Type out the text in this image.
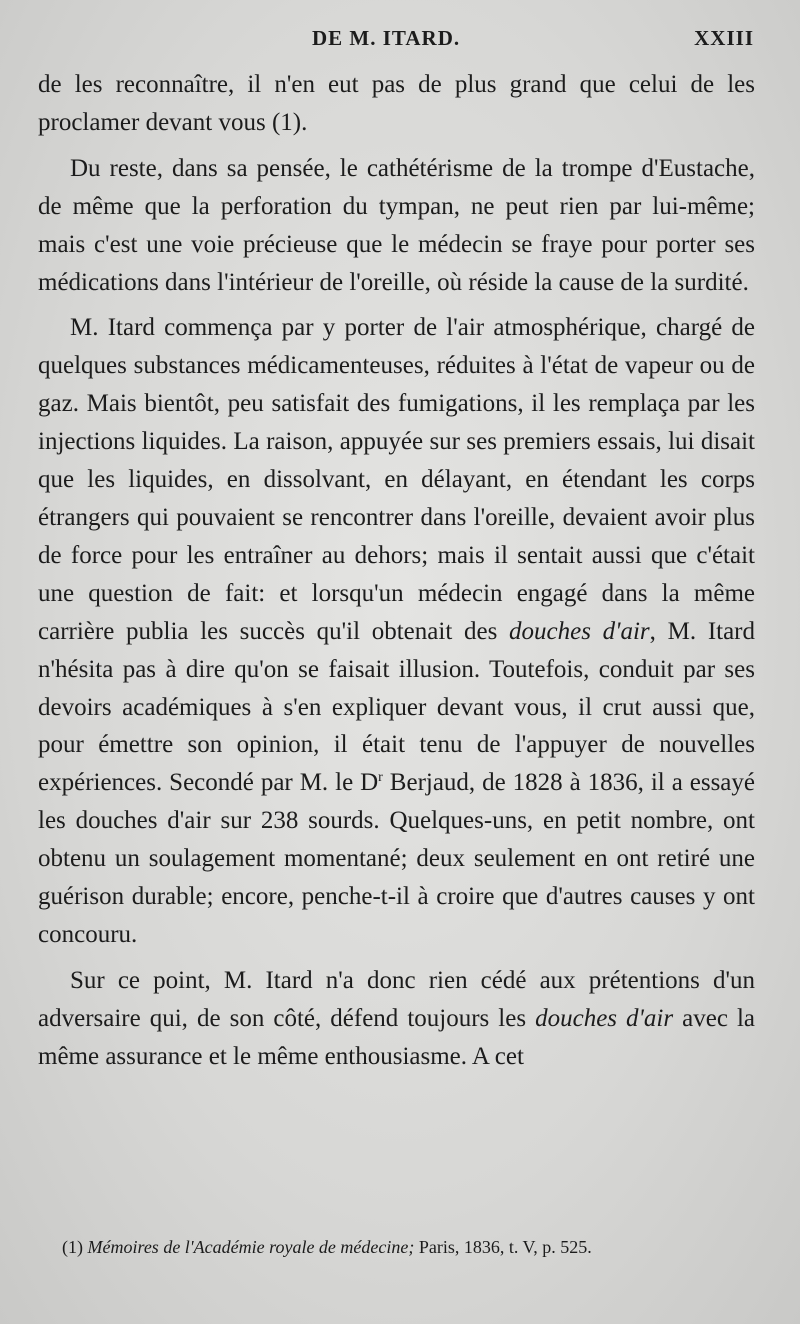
DE M. ITARD.	XXIII

de les reconnaître, il n'en eut pas de plus grand que celui de les proclamer devant vous (1).

Du reste, dans sa pensée, le cathétérisme de la trompe d'Eustache, de même que la perforation du tympan, ne peut rien par lui-même; mais c'est une voie précieuse que le médecin se fraye pour porter ses médications dans l'intérieur de l'oreille, où réside la cause de la surdité.

M. Itard commença par y porter de l'air atmosphérique, chargé de quelques substances médicamenteuses, réduites à l'état de vapeur ou de gaz. Mais bientôt, peu satisfait des fumigations, il les remplaça par les injections liquides. La raison, appuyée sur ses premiers essais, lui disait que les liquides, en dissolvant, en délayant, en étendant les corps étrangers qui pouvaient se rencontrer dans l'oreille, devaient avoir plus de force pour les entraîner au dehors; mais il sentait aussi que c'était une question de fait: et lorsqu'un médecin engagé dans la même carrière publia les succès qu'il obtenait des douches d'air, M. Itard n'hésita pas à dire qu'on se faisait illusion. Toutefois, conduit par ses devoirs académiques à s'en expliquer devant vous, il crut aussi que, pour émettre son opinion, il était tenu de l'appuyer de nouvelles expériences. Secondé par M. le $D^r$ Berjaud, de 1828 à 1836, il a essayé les douches d'air sur 238 sourds. Quelques-uns, en petit nombre, ont obtenu un soulagement momentané; deux seulement en ont retiré une guérison durable; encore, penche-t-il à croire que d'autres causes y ont concouru.

Sur ce point, M. Itard n'a donc rien cédé aux prétentions d'un adversaire qui, de son côté, défend toujours les douches d'air avec la même assurance et le même enthousiasme. A cet

(1) Mémoires de l'Académie royale de médecine; Paris, 1836, t. V, p. 525.
